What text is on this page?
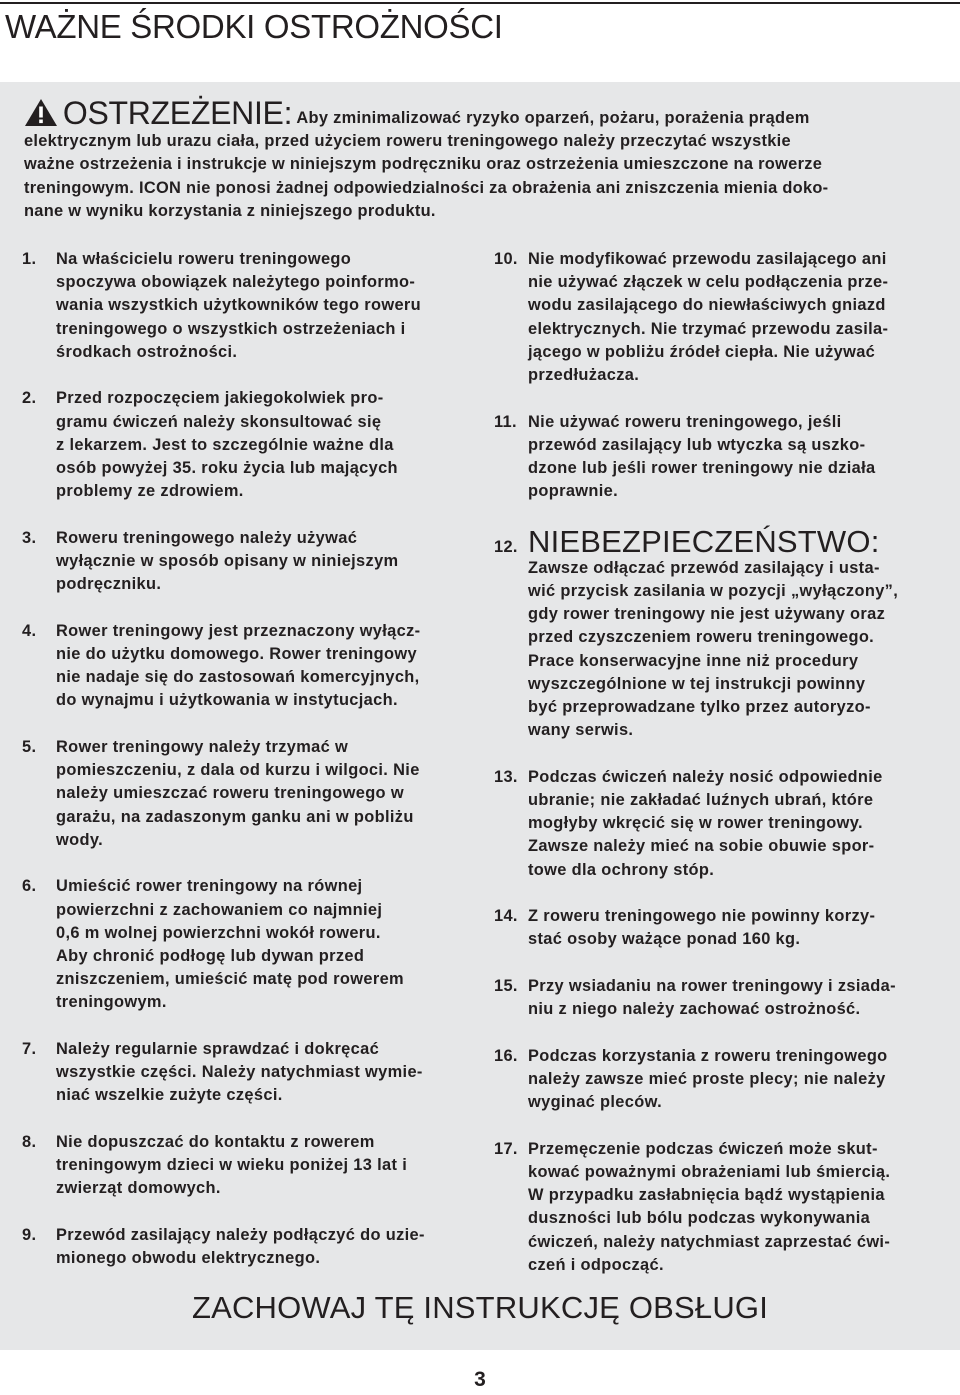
WAŻNE ŚRODKI OSTROŻNOŚCI
OSTRZEŻENIE: Aby zminimalizować ryzyko oparzeń, pożaru, porażenia prądem
elektrycznym lub urazu ciała, przed użyciem roweru treningowego należy przeczytać wszystkie
ważne ostrzeżenia i instrukcje w niniejszym podręczniku oraz ostrzeżenia umieszczone na rowerze
treningowym. ICON nie ponosi żadnej odpowiedzialności za obrażenia ani zniszczenia mienia doko-
nane w wyniku korzystania z niniejszego produktu.
1. Na właścicielu roweru treningowego
spoczywa obowiązek należytego poinformo-
wania wszystkich użytkowników tego roweru
treningowego o wszystkich ostrzeżeniach i
środkach ostrożności.
2. Przed rozpoczęciem jakiegokolwiek pro-
gramu ćwiczeń należy skonsultować się
z lekarzem. Jest to szczególnie ważne dla
osób powyżej 35. roku życia lub mających
problemy ze zdrowiem.
3. Roweru treningowego należy używać
wyłącznie w sposób opisany w niniejszym
podręczniku.
4. Rower treningowy jest przeznaczony wyłącz-
nie do użytku domowego. Rower treningowy
nie nadaje się do zastosowań komercyjnych,
do wynajmu i użytkowania w instytucjach.
5. Rower treningowy należy trzymać w
pomieszczeniu, z dala od kurzu i wilgoci. Nie
należy umieszczać roweru treningowego w
garażu, na zadaszonym ganku ani w pobliżu
wody.
6. Umieścić rower treningowy na równej
powierzchni z zachowaniem co najmniej
0,6 m wolnej powierzchni wokół roweru.
Aby chronić podłogę lub dywan przed
zniszczeniem, umieścić matę pod rowerem
treningowym.
7. Należy regularnie sprawdzać i dokręcać
wszystkie części. Należy natychmiast wymie-
niać wszelkie zużyte części.
8. Nie dopuszczać do kontaktu z rowerem
treningowym dzieci w wieku poniżej 13 lat i
zwierząt domowych.
9. Przewód zasilający należy podłączyć do uzie-
mionego obwodu elektrycznego.
10. Nie modyfikować przewodu zasilającego ani
nie używać złączek w celu podłączenia prze-
wodu zasilającego do niewłaściwych gniazd
elektrycznych. Nie trzymać przewodu zasila-
jącego w pobliżu źródeł ciepła. Nie używać
przedłużacza.
11. Nie używać roweru treningowego, jeśli
przewód zasilający lub wtyczka są uszko-
dzone lub jeśli rower treningowy nie działa
poprawnie.
12. NIEBEZPIECZEŃSTWO:
Zawsze odłączać przewód zasilający i usta-
wić przycisk zasilania w pozycji „wyłączony”,
gdy rower treningowy nie jest używany oraz
przed czyszczeniem roweru treningowego.
Prace konserwacyjne inne niż procedury
wyszczególnione w tej instrukcji powinny
być przeprowadzane tylko przez autoryzo-
wany serwis.
13. Podczas ćwiczeń należy nosić odpowiednie
ubranie; nie zakładać luźnych ubrań, które
mogłyby wkręcić się w rower treningowy.
Zawsze należy mieć na sobie obuwie spor-
towe dla ochrony stóp.
14. Z roweru treningowego nie powinny korzy-
stać osoby ważące ponad 160 kg.
15. Przy wsiadaniu na rower treningowy i zsiada-
niu z niego należy zachować ostrożność.
16. Podczas korzystania z roweru treningowego
należy zawsze mieć proste plecy; nie należy
wyginać pleców.
17. Przemęczenie podczas ćwiczeń może skut-
kować poważnymi obrażeniami lub śmiercią.
W przypadku zasłabnięcia bądź wystąpienia
duszności lub bólu podczas wykonywania
ćwiczeń, należy natychmiast zaprzestać ćwi-
czeń i odpocząć.
ZACHOWAJ TĘ INSTRUKCJĘ OBSŁUGI
3
